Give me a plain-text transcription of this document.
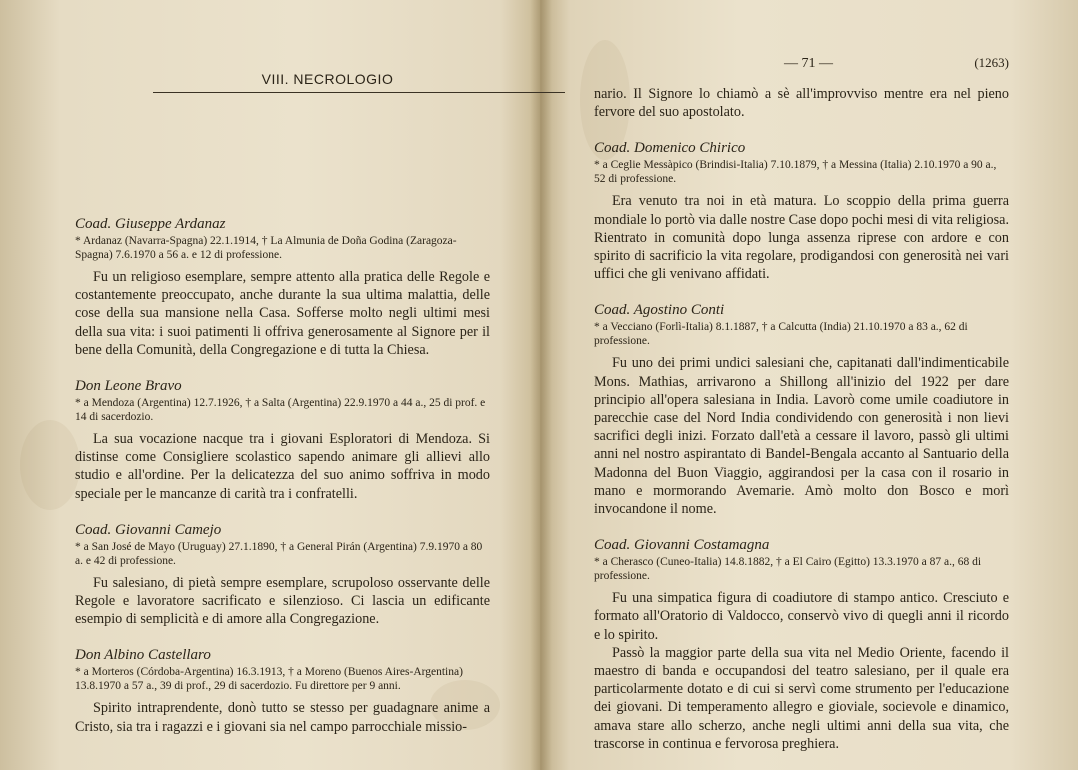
VIII. NECROLOGIO
Coad. Giuseppe Ardanaz
* Ardanaz (Navarra-Spagna) 22.1.1914, † La Almunia de Doña Godina (Zaragoza-Spagna) 7.6.1970 a 56 a. e 12 di professione.

Fu un religioso esemplare, sempre attento alla pratica delle Regole e costantemente preoccupato, anche durante la sua ultima malattia, delle cose della sua mansione nella Casa. Sofferse molto negli ultimi mesi della sua vita: i suoi patimenti li offriva generosamente al Signore per il bene della Comunità, della Congregazione e di tutta la Chiesa.

Don Leone Bravo
* a Mendoza (Argentina) 12.7.1926, † a Salta (Argentina) 22.9.1970 a 44 a., 25 di prof. e 14 di sacerdozio.

La sua vocazione nacque tra i giovani Esploratori di Mendoza. Si distinse come Consigliere scolastico sapendo animare gli allievi allo studio e all'ordine. Per la delicatezza del suo animo soffriva in modo speciale per le mancanze di carità tra i confratelli.

Coad. Giovanni Camejo
* a San José de Mayo (Uruguay) 27.1.1890, † a General Pirán (Argentina) 7.9.1970 a 80 a. e 42 di professione.

Fu salesiano, di pietà sempre esemplare, scrupoloso osservante delle Regole e lavoratore sacrificato e silenzioso. Ci lascia un edificante esempio di semplicità e di amore alla Congregazione.

Don Albino Castellaro
* a Morteros (Córdoba-Argentina) 16.3.1913, † a Moreno (Buenos Aires-Argentina) 13.8.1970 a 57 a., 39 di prof., 29 di sacerdozio. Fu direttore per 9 anni.

Spirito intraprendente, donò tutto se stesso per guadagnare anime a Cristo, sia tra i ragazzi e i giovani sia nel campo parrocchiale missio-

— 71 —	(1263)

nario. Il Signore lo chiamò a sè all'improvviso mentre era nel pieno fervore del suo apostolato.

Coad. Domenico Chirico
* a Ceglie Messàpico (Brindisi-Italia) 7.10.1879, † a Messina (Italia) 2.10.1970 a 90 a., 52 di professione.

Era venuto tra noi in età matura. Lo scoppio della prima guerra mondiale lo portò via dalle nostre Case dopo pochi mesi di vita religiosa. Rientrato in comunità dopo lunga assenza riprese con ardore e con spirito di sacrificio la vita regolare, prodigandosi con generosità nei vari uffici che gli venivano affidati.

Coad. Agostino Conti
* a Vecciano (Forlì-Italia) 8.1.1887, † a Calcutta (India) 21.10.1970 a 83 a., 62 di professione.

Fu uno dei primi undici salesiani che, capitanati dall'indimenticabile Mons. Mathias, arrivarono a Shillong all'inizio del 1922 per dare principio all'opera salesiana in India. Lavorò come umile coadiutore in parecchie case del Nord India condividendo con generosità i non lievi sacrifici degli inizi. Forzato dall'età a cessare il lavoro, passò gli ultimi anni nel nostro aspirantato di Bandel-Bengala accanto al Santuario della Madonna del Buon Viaggio, aggirandosi per la casa con il rosario in mano e mormorando Avemarie. Amò molto don Bosco e morì invocandone il nome.

Coad. Giovanni Costamagna
* a Cherasco (Cuneo-Italia) 14.8.1882, † a El Cairo (Egitto) 13.3.1970 a 87 a., 68 di professione.

Fu una simpatica figura di coadiutore di stampo antico. Cresciuto e formato all'Oratorio di Valdocco, conservò vivo di quegli anni il ricordo e lo spirito.

Passò la maggior parte della sua vita nel Medio Oriente, facendo il maestro di banda e occupandosi del teatro salesiano, per il quale era particolarmente dotato e di cui si servì come strumento per l'educazione dei giovani. Di temperamento allegro e gioviale, socievole e dinamico, amava stare allo scherzo, anche negli ultimi anni della sua vita, che trascorse in continua e fervorosa preghiera.
